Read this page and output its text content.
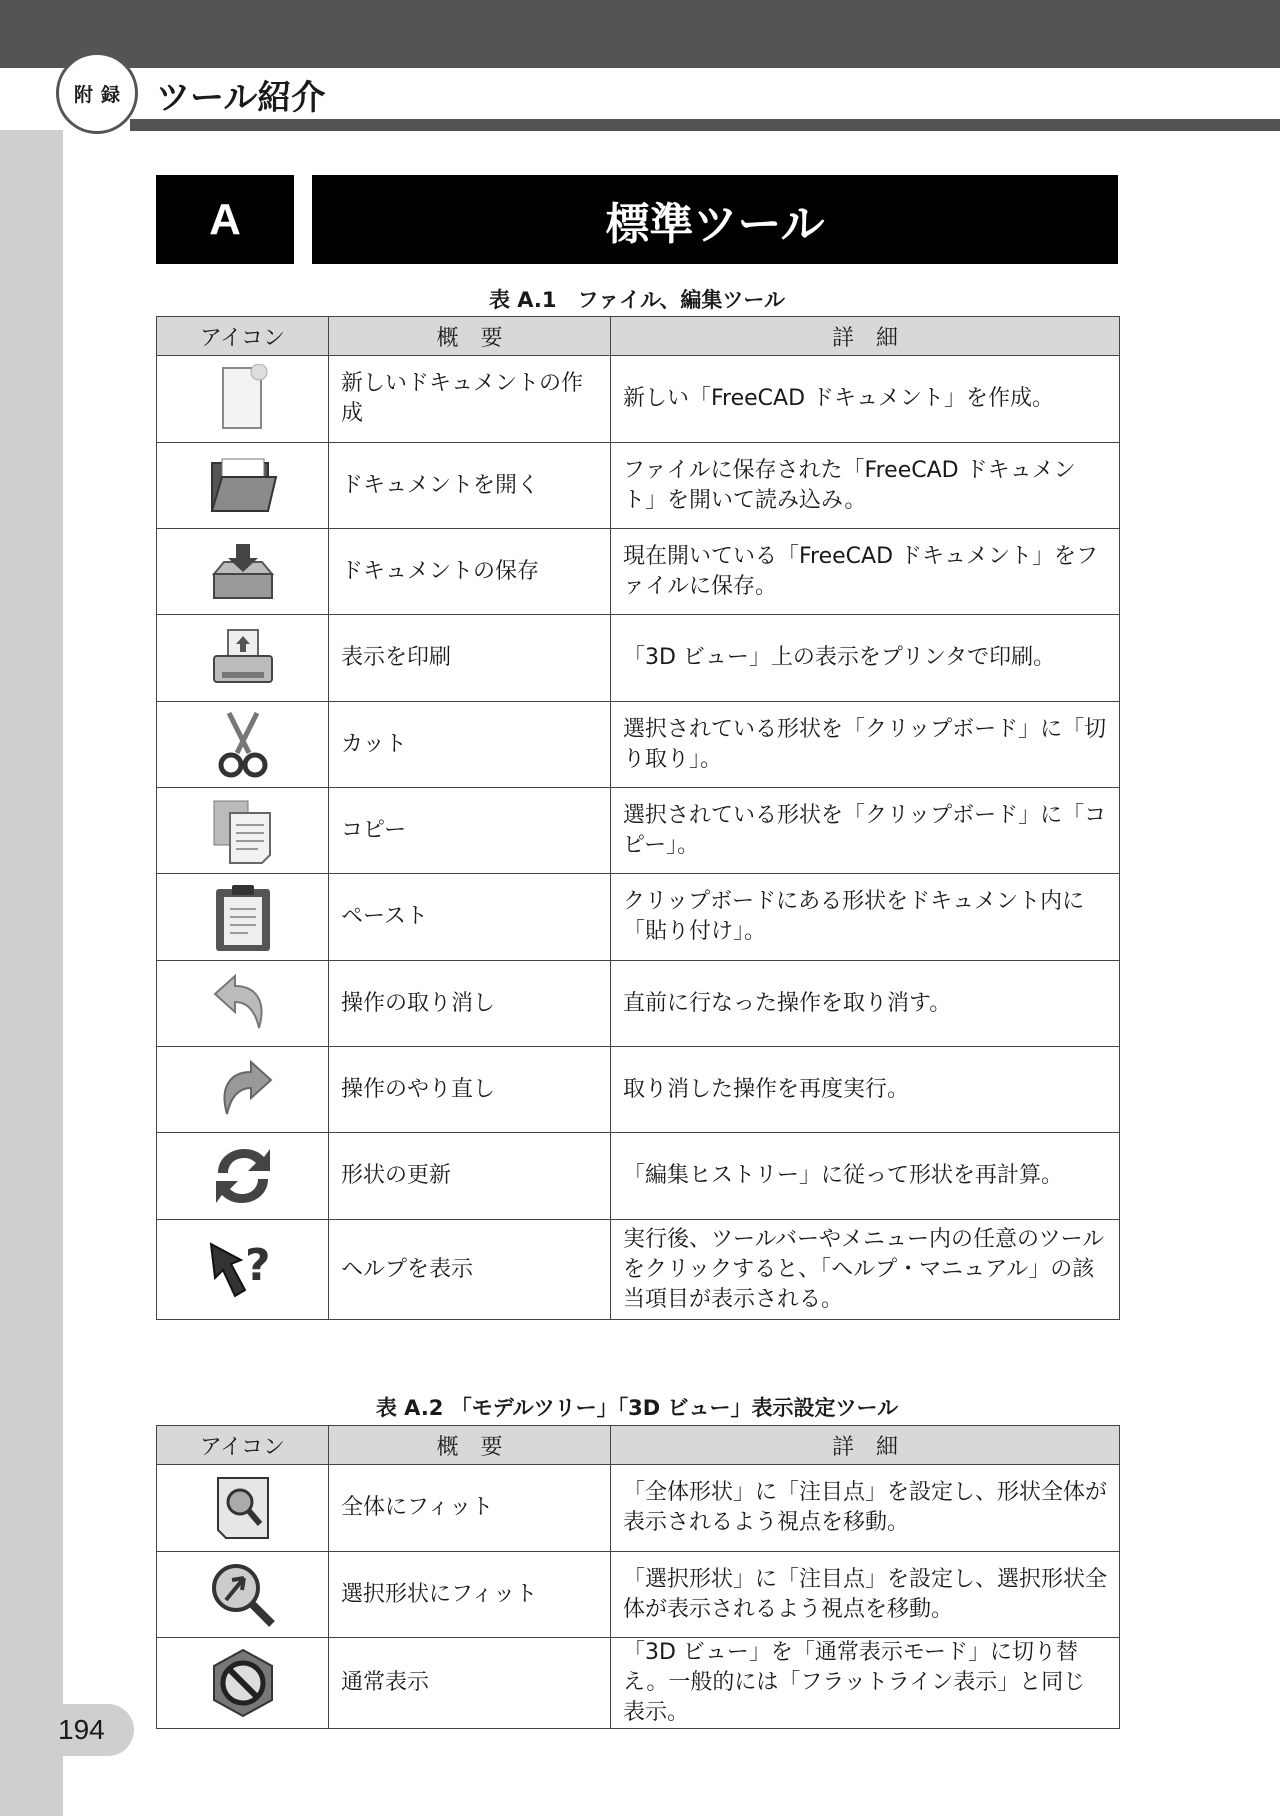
附録 ツール紹介
A	標準ツール
表 A.1　ファイル、編集ツール
アイコン	概　要	詳　細

	新しいドキュメントの作成	新しい「FreeCAD ドキュメント」を作成。

	ドキュメントを開く	ファイルに保存された「FreeCAD ドキュメント」を開いて読み込み。

	ドキュメントの保存	現在開いている「FreeCAD ドキュメント」をファイルに保存。

	表示を印刷	「3D ビュー」上の表示をプリンタで印刷。

	カット	選択されている形状を「クリップボード」に「切り取り」。

	コピー	選択されている形状を「クリップボード」に「コピー」。

	ペースト	クリップボードにある形状をドキュメント内に「貼り付け」。

	操作の取り消し	直前に行なった操作を取り消す。

	操作のやり直し	取り消した操作を再度実行。

	形状の更新	「編集ヒストリー」に従って形状を再計算。

?	ヘルプを表示	実行後、ツールバーやメニュー内の任意のツールをクリックすると、「ヘルプ・マニュアル」の該当項目が表示される。
表 A.2 「モデルツリー」「3D ビュー」表示設定ツール
アイコン	概　要	詳　細

	全体にフィット	「全体形状」に「注目点」を設定し、形状全体が表示されるよう視点を移動。

	選択形状にフィット	「選択形状」に「注目点」を設定し、選択形状全体が表示されるよう視点を移動。

	通常表示	「3D ビュー」を「通常表示モード」に切り替え。一般的には「フラットライン表示」と同じ表示。
194
